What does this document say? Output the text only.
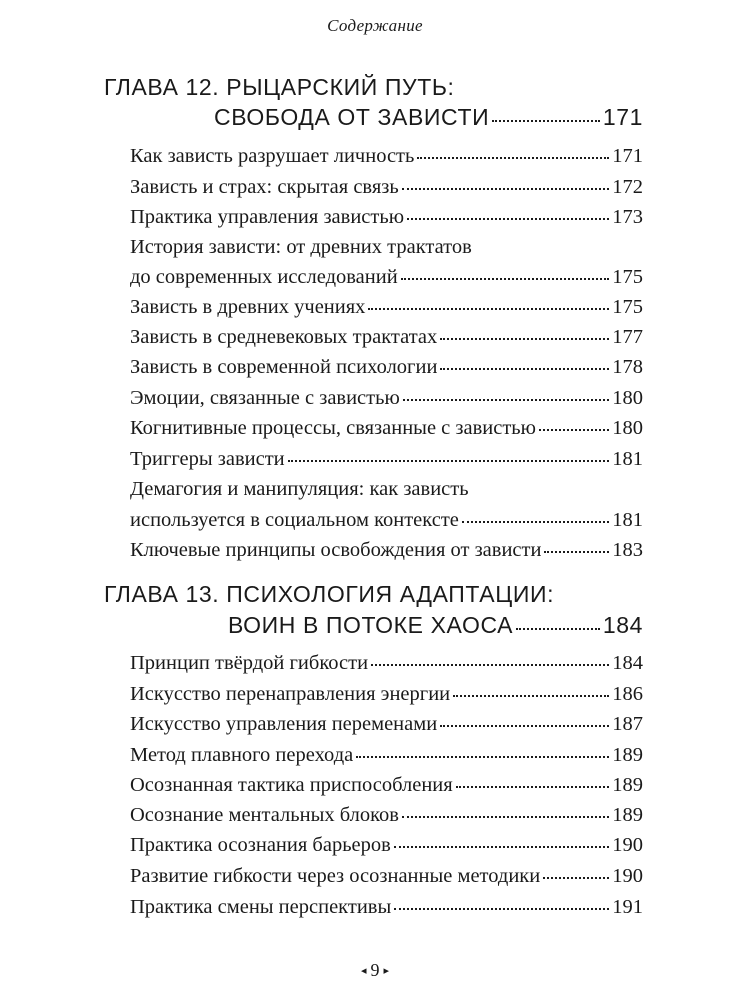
Содержание
ГЛАВА 12. РЫЦАРСКИЙ ПУТЬ:
СВОБОДА ОТ ЗАВИСТИ	171
Как зависть разрушает личность	171
Зависть и страх: скрытая связь	172
Практика управления завистью	173
История зависти: от древних трактатов
до современных исследований	175
Зависть в древних учениях	175
Зависть в средневековых трактатах	177
Зависть в современной психологии	178
Эмоции, связанные с завистью	180
Когнитивные процессы, связанные с завистью	180
Триггеры зависти	181
Демагогия и манипуляция: как зависть
используется в социальном контексте	181
Ключевые принципы освобождения от зависти	183
ГЛАВА 13. ПСИХОЛОГИЯ АДАПТАЦИИ:
ВОИН В ПОТОКЕ ХАОСА	184
Принцип твёрдой гибкости	184
Искусство перенаправления энергии	186
Искусство управления переменами	187
Метод плавного перехода	189
Осознанная тактика приспособления	189
Осознание ментальных блоков	189
Практика осознания барьеров	190
Развитие гибкости через осознанные методики	190
Практика смены перспективы	191
◂ 9 ▸
